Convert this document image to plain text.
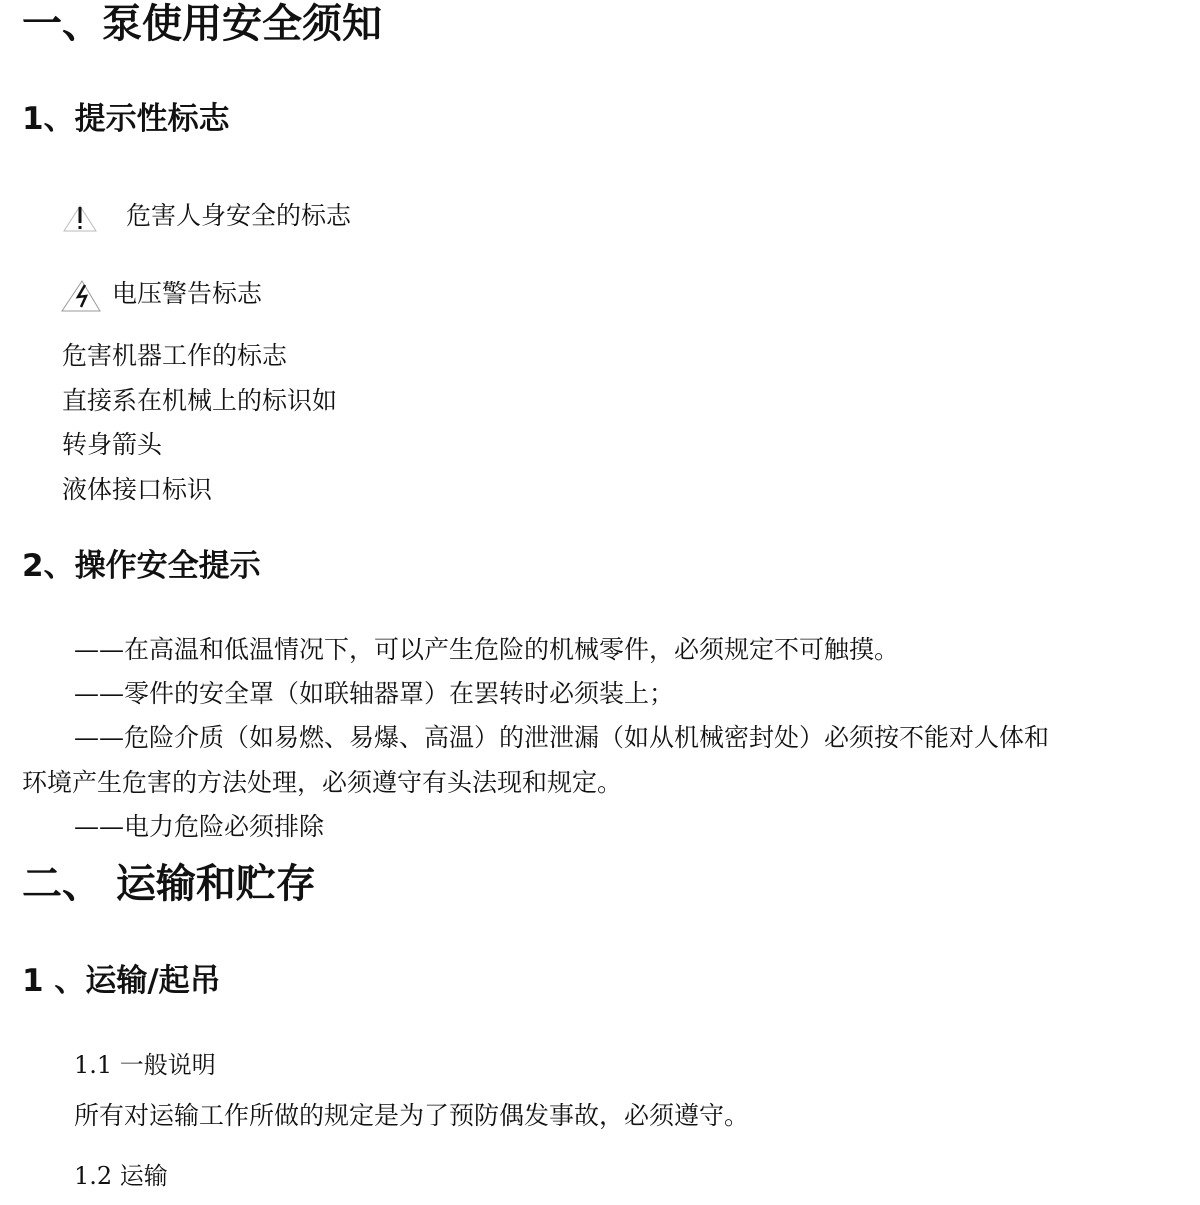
一、泵使用安全须知
1、提示性标志
危害人身安全的标志
电压警告标志
危害机器工作的标志
直接系在机械上的标识如
转身箭头
液体接口标识
2、操作安全提示
——在高温和低温情况下，可以产生危险的机械零件，必须规定不可触摸。
——零件的安全罩（如联轴器罩）在罢转时必须装上；
——危险介质（如易燃、易爆、高温）的泄泄漏（如从机械密封处）必须按不能对人体和
环境产生危害的方法处理，必须遵守有头法现和规定。
——电力危险必须排除
二、 运输和贮存
1 、运输/起吊
1.1 一般说明
所有对运输工作所做的规定是为了预防偶发事故，必须遵守。
1.2 运输
